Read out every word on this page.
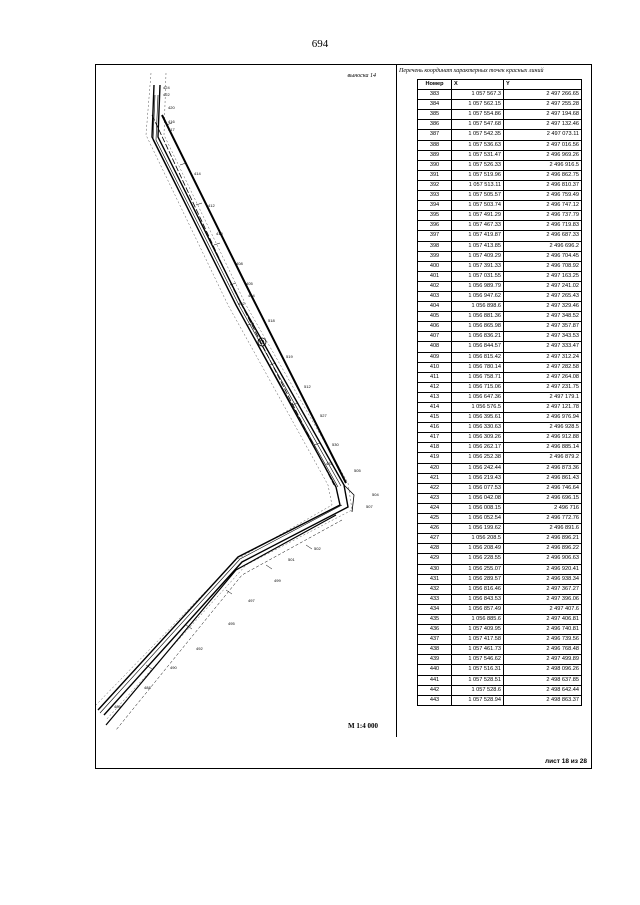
694
424
422
420
416
417
414
412
410
408
405
404
402
518
519
512
527
530
433
505
504
507
502
501
499
497
495
492
490
488
486
выноска 14
М 1:4 000
Перечень координат характерных точек красных линий
Номер	X	Y
383	1 057 567.3	2 497 266.65
384	1 057 562.15	2 497 255.28
385	1 057 554.86	2 497 194.68
386	1 057 547.68	2 497 132.46
387	1 057 542.35	2 497 073.11
388	1 057 536.63	2 497 016.56
389	1 057 531.47	2 496 969.26
390	1 057 526.33	2 496 916.5
391	1 057 519.96	2 496 862.75
392	1 057 513.11	2 496 810.37
393	1 057 505.57	2 496 759.49
394	1 057 503.74	2 496 747.12
395	1 057 491.29	2 496 737.79
396	1 057 467.33	2 496 719.83
397	1 057 419.87	2 496 687.33
398	1 057 413.85	2 496 696.2
399	1 057 409.29	2 496 704.45
400	1 057 391.33	2 496 708.92
401	1 057 031.55	2 497 163.25
402	1 056 989.79	2 497 241.02
403	1 056 947.62	2 497 265.43
404	1 056 898.6	2 497 329.46
405	1 056 881.36	2 497 348.52
406	1 056 865.98	2 497 357.87
407	1 056 836.21	2 497 343.53
408	1 056 844.57	2 497 333.47
409	1 056 815.42	2 497 312.24
410	1 056 780.14	2 497 282.58
411	1 056 758.71	2 497 264.08
412	1 056 715.06	2 497 231.75
413	1 056 647.36	2 497 179.1
414	1 056 576.5	2 497 121.78
415	1 056 395.61	2 496 976.94
416	1 056 330.63	2 496 928.5
417	1 056 309.26	2 496 912.88
418	1 056 262.17	2 496 885.14
419	1 056 252.38	2 496 879.2
420	1 056 242.44	2 496 873.36
421	1 056 219.43	2 496 861.43
422	1 056 077.53	2 496 746.64
423	1 056 042.08	2 496 696.15
424	1 056 008.15	2 496 716
425	1 056 052.54	2 496 772.76
426	1 056 199.62	2 496 891.6
427	1 056 208.5	2 496 896.21
428	1 056 208.49	2 496 896.22
429	1 056 228.55	2 496 906.63
430	1 056 255.07	2 496 920.41
431	1 056 289.57	2 496 938.34
432	1 056 816.46	2 497 367.27
433	1 056 843.53	2 497 396.06
434	1 056 857.49	2 497 407.6
435	1 056 885.6	2 497 406.81
436	1 057 409.95	2 496 740.81
437	1 057 417.58	2 496 739.56
438	1 057 461.73	2 496 768.48
439	1 057 546.62	2 497 499.89
440	1 057 516.31	2 498 096.26
441	1 057 528.51	2 498 637.85
442	1 057 528.6	2 498 642.44
443	1 057 528.94	2 498 863.37
лист 18 из 28
